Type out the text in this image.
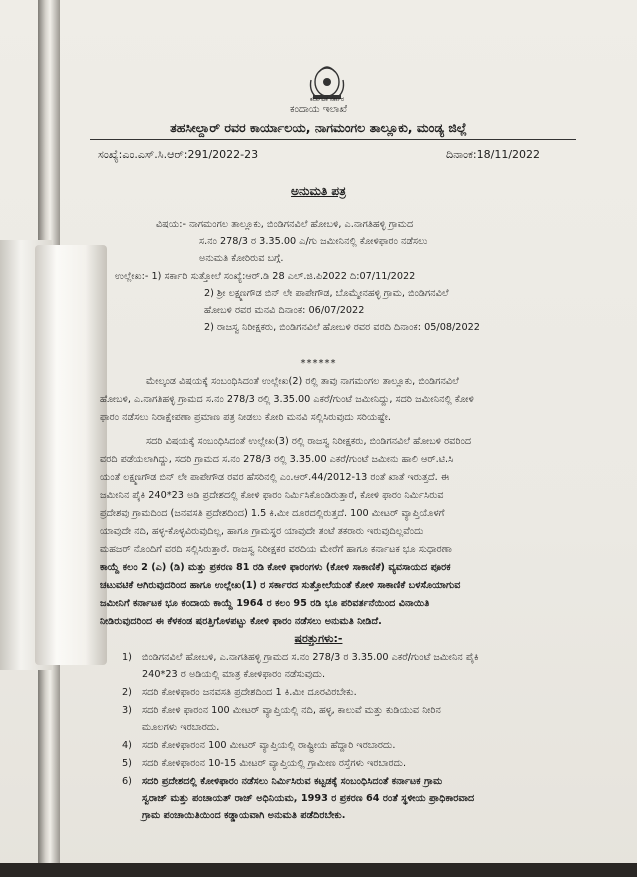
ಕರ್ನಾಟಕ ಸರ್ಕಾರ
ಕಂದಾಯ ಇಲಾಖೆ
ತಹಸೀಲ್ದಾರ್ ರವರ ಕಾರ್ಯಾಲಯ, ನಾಗಮಂಗಲ ತಾಲ್ಲೂಕು, ಮಂಡ್ಯ ಜಿಲ್ಲೆ
ಸಂಖ್ಯೆ:ಎಂ.ಎಸ್.ಸಿ.ಆರ್:291/2022-23	ದಿನಾಂಕ:18/11/2022
ಅನುಮತಿ ಪತ್ರ
ವಿಷಯ:- ನಾಗಮಂಗಲ ತಾಲ್ಲೂಕು, ಬಿಂಡಿಗನವಿಲೆ ಹೋಬಳಿ, ಎ.ನಾಗತಿಹಳ್ಳಿ ಗ್ರಾಮದ
ಸ.ನಂ 278/3 ರ 3.35.00 ಎ/ಗು ಜಮೀನಿನಲ್ಲಿ ಕೋಳಿಫಾರಂ ನಡೆಸಲು
ಅನುಮತಿ ಕೋರಿರುವ ಬಗ್ಗೆ.
ಉಲ್ಲೇಖ:- 1) ಸರ್ಕಾರಿ ಸುತ್ತೋಲೆ ಸಂಖ್ಯೆ:ಆರ್.ಡಿ 28 ಎಲ್.ಜಿ.ಪಿ2022 ದಿ:07/11/2022
2) ಶ್ರೀ ಲಕ್ಷ್ಮಣಗೌಡ ಬಿನ್ ಲೇ ಪಾಪೇಗೌಡ, ಬೊಮ್ಮೇನಹಳ್ಳಿ ಗ್ರಾಮ, ಬಿಂಡಿಗನವಿಲೆ
ಹೋಬಳಿ ರವರ ಮನವಿ ದಿನಾಂಕ: 06/07/2022
2) ರಾಜಸ್ವ ನಿರೀಕ್ಷಕರು, ಬಿಂಡಿಗನವಿಲೆ ಹೋಬಳಿ ರವರ ವರದಿ ದಿನಾಂಕ: 05/08/2022
******
ಮೇಲ್ಕಂಡ ವಿಷಯಕ್ಕೆ ಸಂಬಂಧಿಸಿದಂತೆ ಉಲ್ಲೇಖ(2) ರಲ್ಲಿ ತಾವು ನಾಗಮಂಗಲ ತಾಲ್ಲೂಕು, ಬಿಂಡಿಗನವಿಲೆ
ಹೋಬಳಿ, ಎ.ನಾಗತಿಹಳ್ಳಿ ಗ್ರಾಮದ ಸ.ನಂ 278/3 ರಲ್ಲಿ 3.35.00 ಎಕರೆ/ಗುಂಟೆ ಜಮೀನಿದ್ದು, ಸದರಿ ಜಮೀನಿನಲ್ಲಿ ಕೋಳಿ
ಫಾರಂ ನಡೆಸಲು ನಿರಾಕ್ಷೇಪಣಾ ಪ್ರಮಾಣ ಪತ್ರ ನೀಡಲು ಕೋರಿ ಮನವಿ ಸಲ್ಲಿಸಿರುವುದು ಸರಿಯಷ್ಟೇ.
ಸದರಿ ವಿಷಯಕ್ಕೆ ಸಂಬಂಧಿಸಿದಂತೆ ಉಲ್ಲೇಖ(3) ರಲ್ಲಿ ರಾಜಸ್ವ ನಿರೀಕ್ಷಕರು, ಬಿಂಡಿಗನವಿಲೆ ಹೋಬಳಿ ರವರಿಂದ
ವರದಿ ಪಡೆಯಲಾಗಿದ್ದು, ಸದರಿ ಗ್ರಾಮದ ಸ.ನಂ 278/3 ರಲ್ಲಿ 3.35.00 ಎಕರೆ/ಗುಂಟೆ ಜಮೀನು ಹಾಲಿ ಆರ್.ಟಿ.ಸಿ
ಯಂತೆ ಲಕ್ಷ್ಮಣಗೌಡ ಬಿನ್ ಲೇ ಪಾಪೇಗೌಡ ರವರ ಹೆಸರಿನಲ್ಲಿ ಎಂ.ಆರ್.44/2012-13 ರಂತೆ ಖಾತೆ ಇರುತ್ತದೆ. ಈ
ಜಮೀನಿನ ಪೈಕಿ 240*23 ಅಡಿ ಪ್ರದೇಶದಲ್ಲಿ ಕೋಳಿ ಫಾರಂ ನಿರ್ಮಿಸಿಕೊಂಡಿರುತ್ತಾರೆ, ಕೋಳಿ ಫಾರಂ ನಿರ್ಮಿಸಿರುವ
ಪ್ರದೇಶವು ಗ್ರಾಮದಿಂದ (ಜನವಸತಿ ಪ್ರದೇಶದಿಂದ) 1.5 ಕಿ.ಮೀ ದೂರದಲ್ಲಿರುತ್ತದೆ. 100 ಮೀಟರ್ ವ್ಯಾಪ್ತಿಯೊಳಗೆ
ಯಾವುದೇ ನದಿ, ಹಳ್ಳ-ಕೊಳ್ಳವಿರುವುದಿಲ್ಲ, ಹಾಗೂ ಗ್ರಾಮಸ್ಥರ ಯಾವುದೇ ತಂಟೆ ತಕರಾರು ಇರುವುದಿಲ್ಲವೆಂದು
ಮಹಜರ್ ನೊಂದಿಗೆ ವರದಿ ಸಲ್ಲಿಸಿರುತ್ತಾರೆ. ರಾಜಸ್ವ ನಿರೀಕ್ಷಕರ ವರದಿಯ ಮೇರೆಗೆ ಹಾಗೂ ಕರ್ನಾಟಕ ಭೂ ಸುಧಾರಣಾ
ಕಾಯ್ದೆ ಕಲಂ 2 (ಎ) (ಡಿ) ಮತ್ತು ಪ್ರಕರಣ 81 ರಡಿ ಕೋಳಿ ಫಾರಂಗಳು (ಕೋಳಿ ಸಾಕಾಣಿಕೆ) ವ್ಯವಸಾಯದ ಪೂರಕ
ಚಟುವಟಿಕೆ ಆಗಿರುವುದರಿಂದ ಹಾಗೂ ಉಲ್ಲೇಖ(1) ರ ಸರ್ಕಾರದ ಸುತ್ತೋಲೆಯಂತೆ ಕೋಳಿ ಸಾಕಾಣಿಕೆ ಬಳಸೊಯಾಗುವ
ಜಮೀನಿಗೆ ಕರ್ನಾಟಕ ಭೂ ಕಂದಾಯ ಕಾಯ್ದೆ 1964 ರ ಕಲಂ 95 ರಡಿ ಭೂ ಪರಿವರ್ತನೆಯಿಂದ ವಿನಾಯಿತಿ
ನೀಡಿರುವುದರಿಂದ ಈ ಕೆಳಕಂಡ ಷರತ್ತಿಗೊಳಪಟ್ಟು ಕೋಳಿ ಫಾರಂ ನಡೆಸಲು ಅನುಮತಿ ನೀಡಿದೆ.
ಷರತ್ತುಗಳು:-
1)	ಬಿಂಡಿಗನವಿಲೆ ಹೋಬಳಿ, ಎ.ನಾಗತಿಹಳ್ಳಿ ಗ್ರಾಮದ ಸ.ನಂ 278/3 ರ 3.35.00 ಎಕರೆ/ಗುಂಟೆ ಜಮೀನಿನ ಪೈಕಿ
240*23 ರ ಅಡಿಯಲ್ಲಿ ಮಾತ್ರ ಕೋಳಿಫಾರಂ ನಡೆಸುವುದು.
2)	ಸದರಿ ಕೋಳಿಫಾರಂ ಜನವಸತಿ ಪ್ರದೇಶದಿಂದ 1 ಕಿ.ಮೀ ದೂರವಿರಬೇಕು.
3)	ಸದರಿ ಕೋಳಿ ಫಾರಂನ 100 ಮೀಟರ್ ವ್ಯಾಪ್ತಿಯಲ್ಲಿ ನದಿ, ಹಳ್ಳ, ಕಾಲುವೆ ಮತ್ತು ಕುಡಿಯುವ ನೀರಿನ
ಮೂಲಗಳು ಇರಬಾರದು.
4)	ಸದರಿ ಕೋಳಿಫಾರಂನ 100 ಮೀಟರ್ ವ್ಯಾಪ್ತಿಯಲ್ಲಿ ರಾಷ್ಟ್ರೀಯ ಹೆದ್ದಾರಿ ಇರಬಾರದು.
5)	ಸದರಿ ಕೋಳಿಫಾರಂನ 10-15 ಮೀಟರ್ ವ್ಯಾಪ್ತಿಯಲ್ಲಿ ಗ್ರಾಮೀಣ ರಸ್ತೆಗಳು ಇರಬಾರದು.
6)	ಸದರಿ ಪ್ರದೇಶದಲ್ಲಿ ಕೋಳಿಫಾರಂ ನಡೆಸಲು ನಿರ್ಮಿಸಿರುವ ಕಟ್ಟಡಕ್ಕೆ ಸಂಬಂಧಿಸಿದಂತೆ ಕರ್ನಾಟಕ ಗ್ರಾಮ
ಸ್ವರಾಜ್ ಮತ್ತು ಪಂಚಾಯತ್ ರಾಜ್ ಅಧಿನಿಯಮ, 1993 ರ ಪ್ರಕರಣ 64 ರಂತೆ ಸ್ಥಳೀಯ ಪ್ರಾಧಿಕಾರವಾದ
ಗ್ರಾಮ ಪಂಚಾಯಿತಿಯಿಂದ ಕಡ್ಡಾಯವಾಗಿ ಅನುಮತಿ ಪಡೆದಿರಬೇಕು.
